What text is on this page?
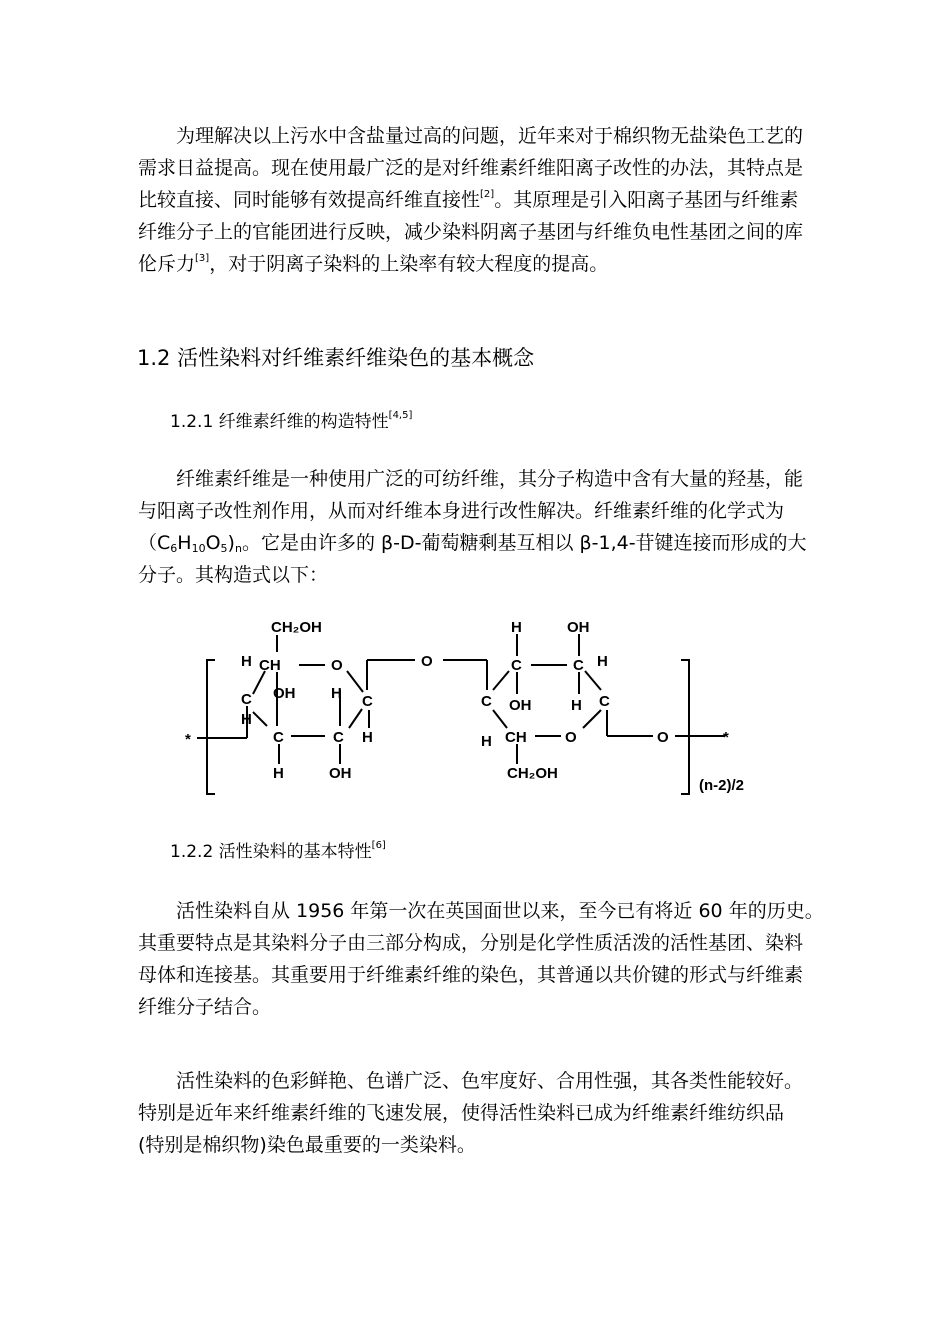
为理解决以上污水中含盐量过高的问题，近年来对于棉织物无盐染色工艺的
需求日益提高。现在使用最广泛的是对纤维素纤维阳离子改性的办法，其特点是
比较直接、同时能够有效提高纤维直接性[2]。其原理是引入阳离子基团与纤维素
纤维分子上的官能团进行反映，减少染料阴离子基团与纤维负电性基团之间的库
伦斥力[3]，对于阴离子染料的上染率有较大程度的提高。
1.2 活性染料对纤维素纤维染色的基本概念
1.2.1 纤维素纤维的构造特性[4,5]
纤维素纤维是一种使用广泛的可纺纤维，其分子构造中含有大量的羟基，能
与阳离子改性剂作用，从而对纤维本身进行改性解决。纤维素纤维的化学式为
$(C_6H_{10}O_5)_n$。它是由许多的 β-D-葡萄糖剩基互相以 β-1,4-苷键连接而形成的大
分子。其构造式以下：
CH₂OH
H CH	O
C OH H C
H
C	C H
H	OH
*
O
H	OH
C	C H
C OH	H C
H CH	O
CH₂OH
O	*
(n-2)/2
1.2.2 活性染料的基本特性[6]
活性染料自从 1956 年第一次在英国面世以来，至今已有将近 60 年的历史。
其重要特点是其染料分子由三部分构成，分别是化学性质活泼的活性基团、染料
母体和连接基。其重要用于纤维素纤维的染色，其普通以共价键的形式与纤维素
纤维分子结合。
活性染料的色彩鲜艳、色谱广泛、色牢度好、合用性强，其各类性能较好。
特别是近年来纤维素纤维的飞速发展，使得活性染料已成为纤维素纤维纺织品
(特别是棉织物)染色最重要的一类染料。
